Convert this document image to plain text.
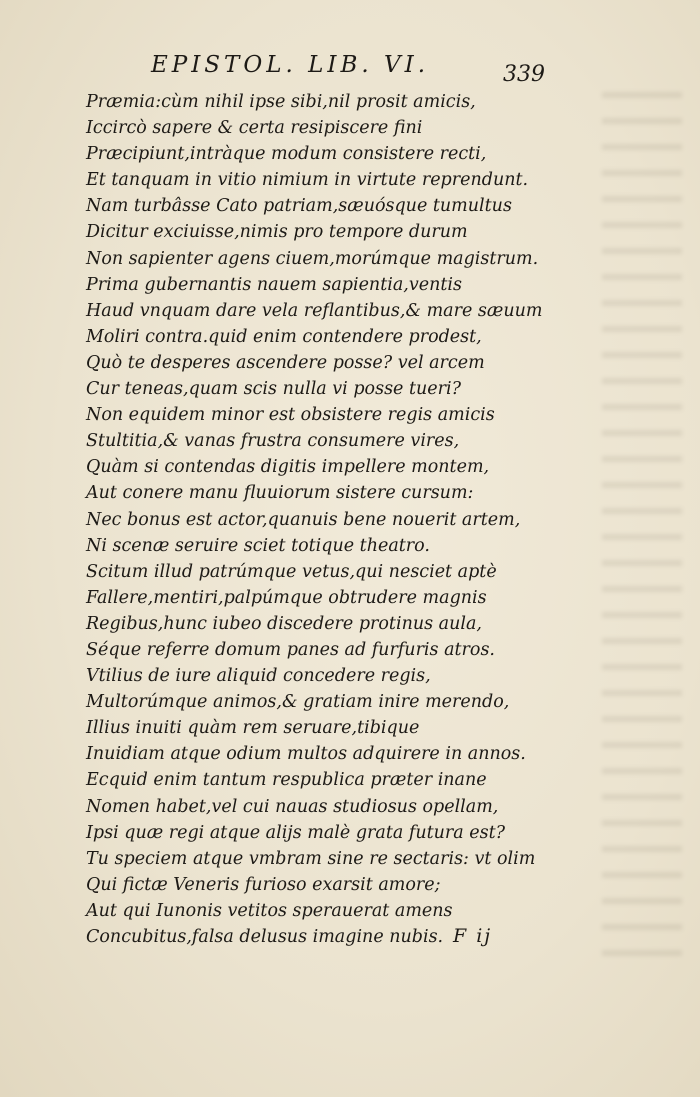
EPISTOL. LIB. VI.	339
Præmia:cùm nihil ipse sibi,nil prosit amicis,
Iccircò sapere & certa resipiscere fini
Præcipiunt,intràque modum consistere recti,
Et tanquam in vitio nimium in virtute reprendunt.
Nam turbâsse Cato patriam,sæuósque tumultus
Dicitur exciuisse,nimis pro tempore durum
Non sapienter agens ciuem,morúmque magistrum.
Prima gubernantis nauem sapientia,ventis
Haud vnquam dare vela reflantibus,& mare sæuum
Moliri contra.quid enim contendere prodest,
Quò te desperes ascendere posse? vel arcem
Cur teneas,quam scis nulla vi posse tueri?
Non equidem minor est obsistere regis amicis
Stultitia,& vanas frustra consumere vires,
Quàm si contendas digitis impellere montem,
Aut conere manu fluuiorum sistere cursum:
Nec bonus est actor,quanuis bene nouerit artem,
Ni scenæ seruire sciet totique theatro.
Scitum illud patrúmque vetus,qui nesciet aptè
Fallere,mentiri,palpúmque obtrudere magnis
Regibus,hunc iubeo discedere protinus aula,
Séque referre domum panes ad furfuris atros.
Vtilius de iure aliquid concedere regis,
Multorúmque animos,& gratiam inire merendo,
Illius inuiti quàm rem seruare,tibique
Inuidiam atque odium multos adquirere in annos.
Ecquid enim tantum respublica præter inane
Nomen habet,vel cui nauas studiosus opellam,
Ipsi quæ regi atque alijs malè grata futura est?
Tu speciem atque vmbram sine re sectaris: vt olim
Qui fictæ Veneris furioso exarsit amore;
Aut qui Iunonis vetitos sperauerat amens
Concubitus,falsa delusus imagine nubis. F ij
